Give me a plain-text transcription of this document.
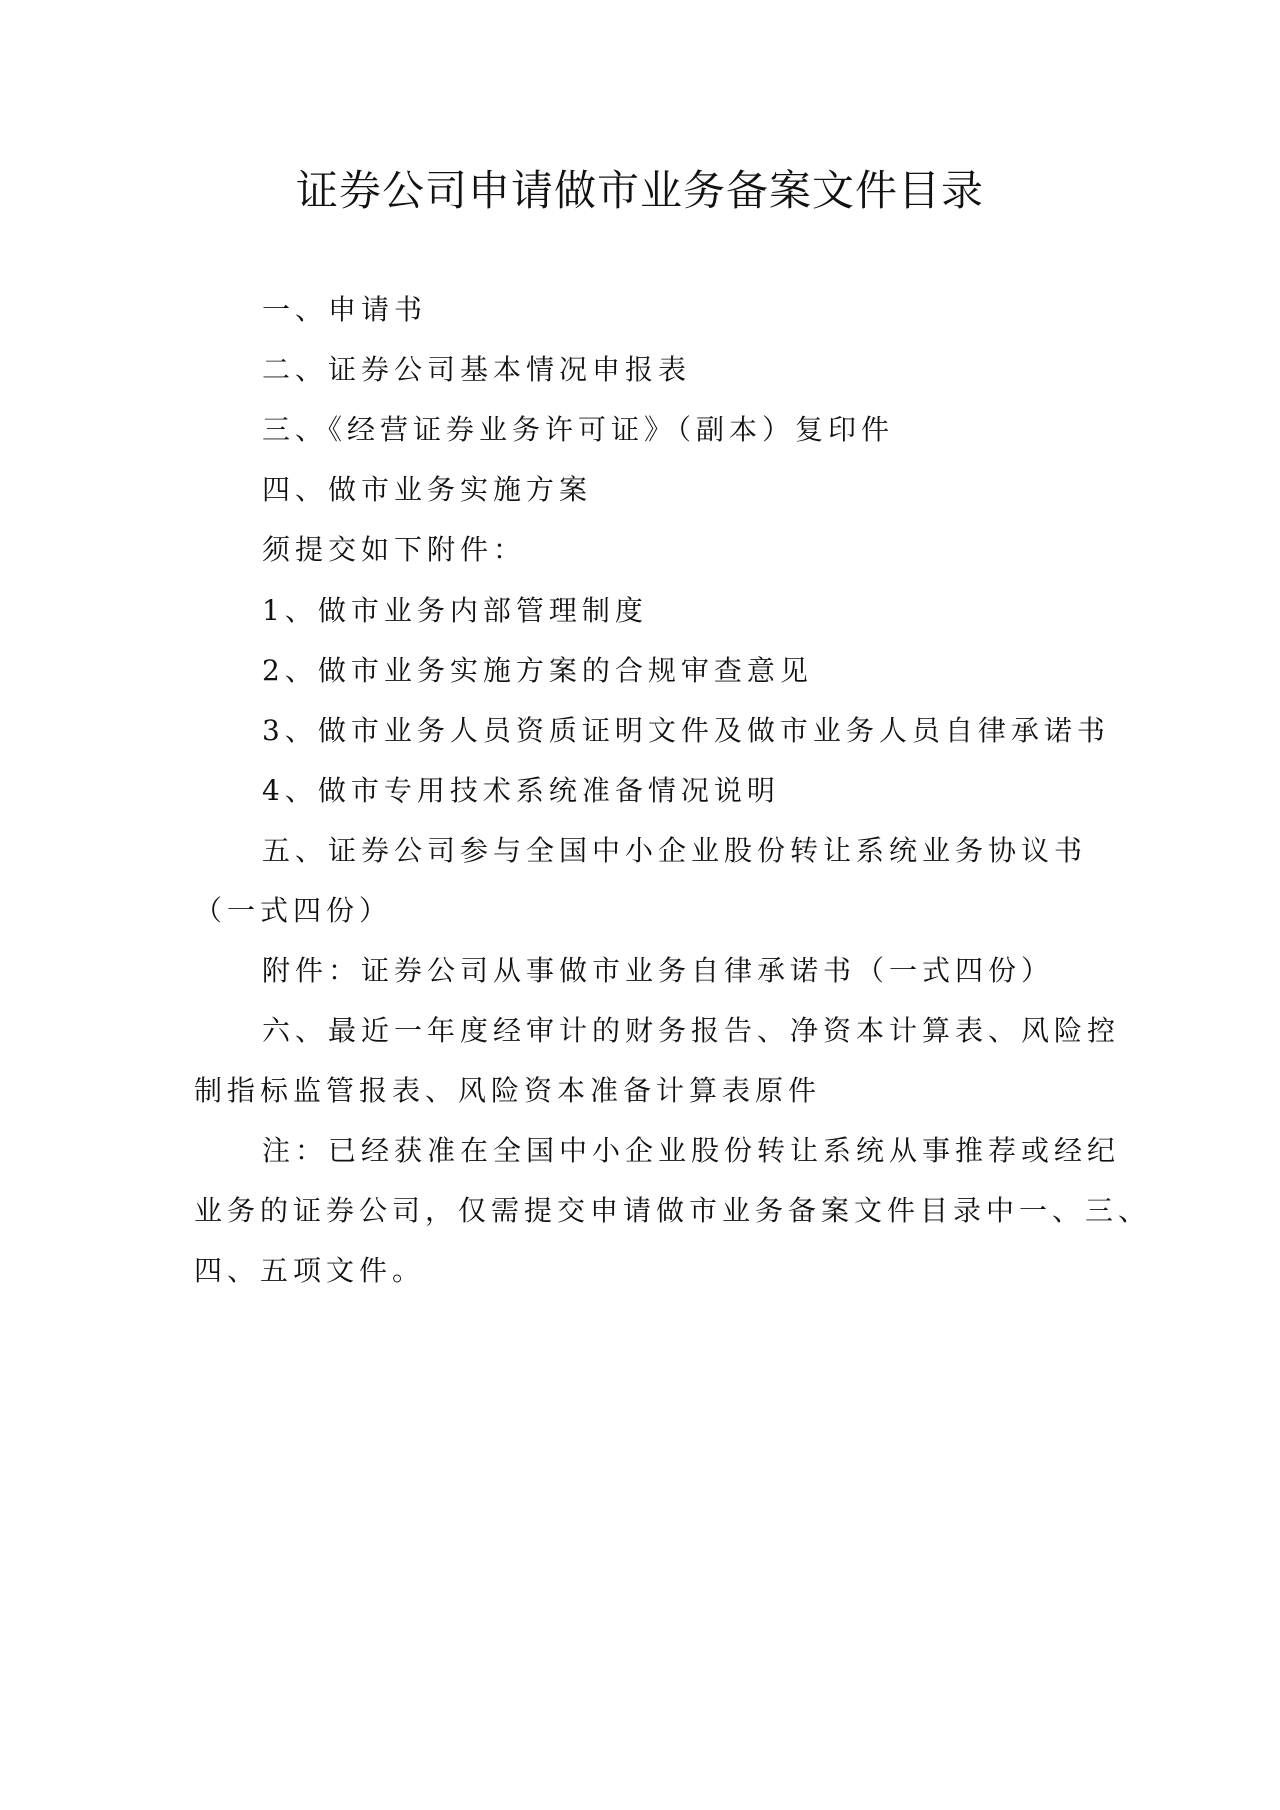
证券公司申请做市业务备案文件目录
一、申请书
二、证券公司基本情况申报表
三、《经营证券业务许可证》（副本）复印件
四、做市业务实施方案
须提交如下附件：
1、做市业务内部管理制度
2、做市业务实施方案的合规审查意见
3、做市业务人员资质证明文件及做市业务人员自律承诺书
4、做市专用技术系统准备情况说明
五、证券公司参与全国中小企业股份转让系统业务协议书
（一式四份）
附件：证券公司从事做市业务自律承诺书（一式四份）
六、最近一年度经审计的财务报告、净资本计算表、风险控
制指标监管报表、风险资本准备计算表原件
注：已经获准在全国中小企业股份转让系统从事推荐或经纪
业务的证券公司，仅需提交申请做市业务备案文件目录中一、三、
四、五项文件。
